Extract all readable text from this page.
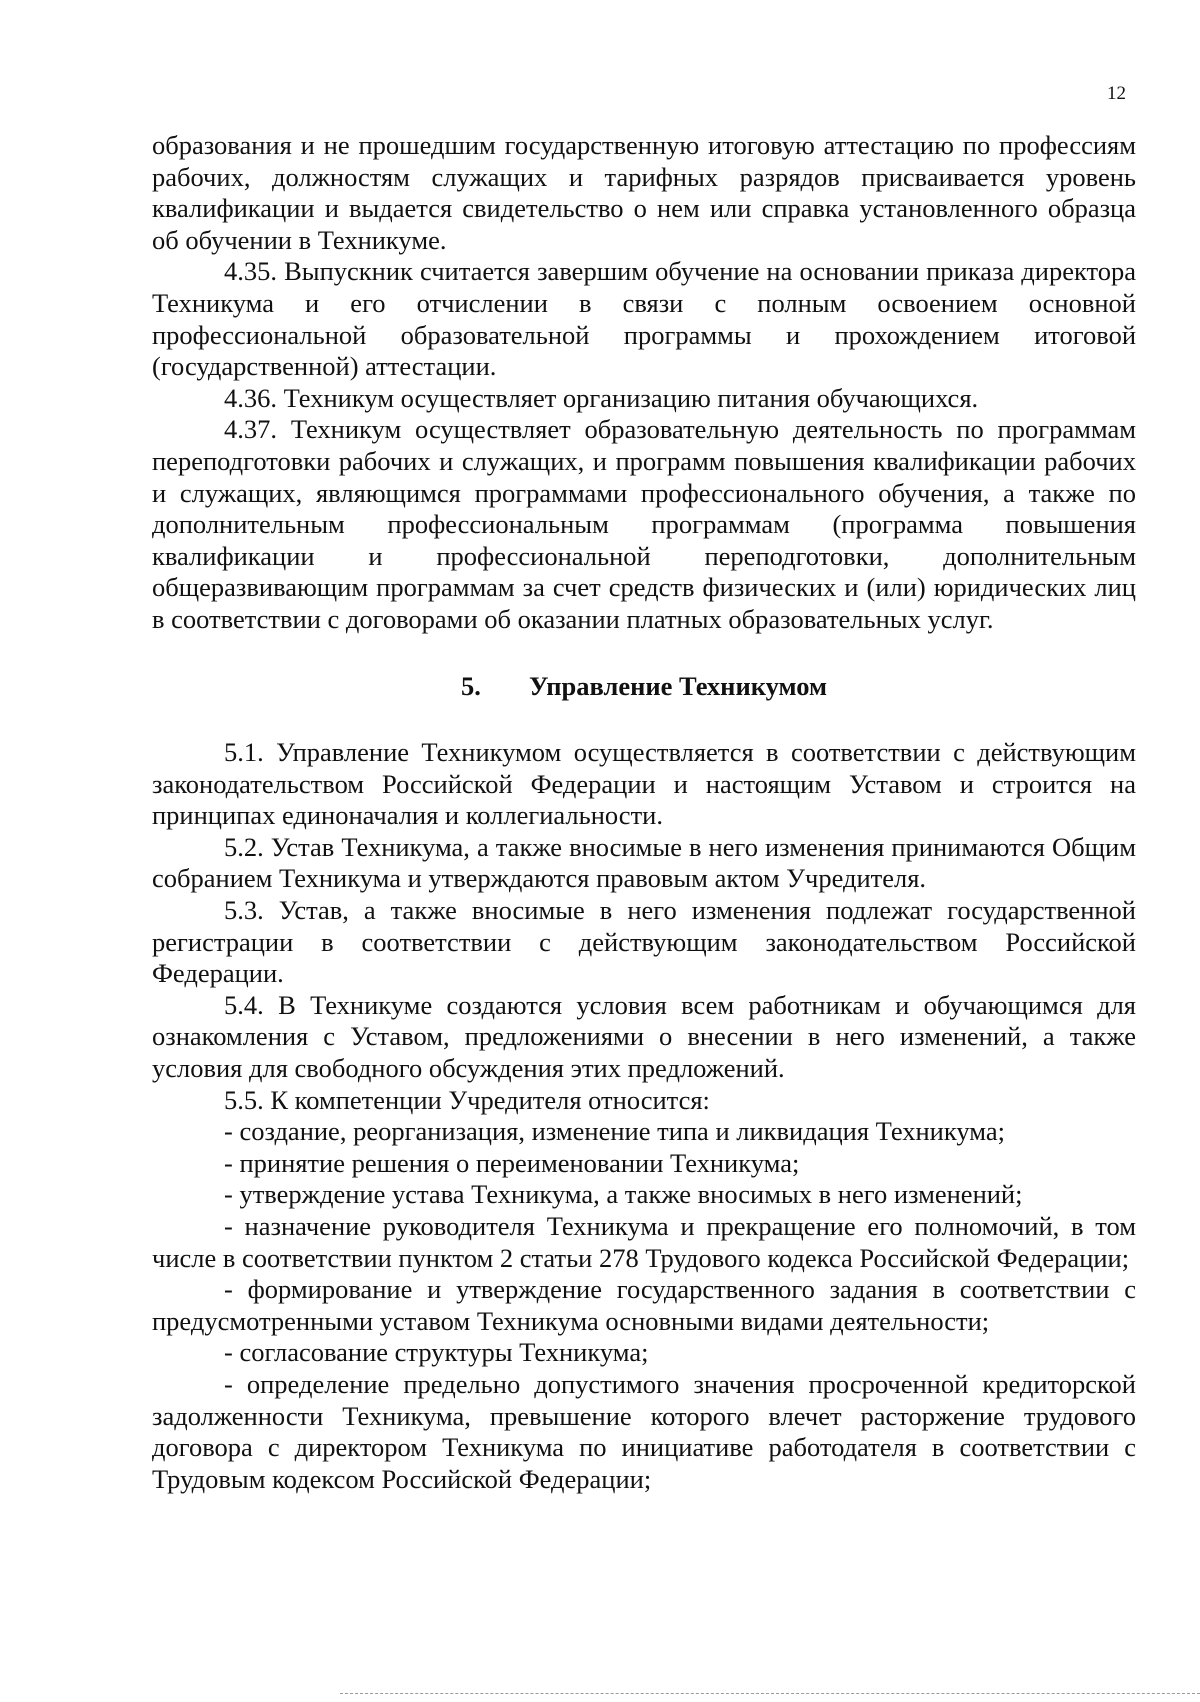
12

образования и не прошедшим государственную итоговую аттестацию по профессиям рабочих, должностям служащих и тарифных разрядов присваивается уровень квалификации и выдается свидетельство о нем или справка установленного образца об обучении в Техникуме.

4.35. Выпускник считается завершим обучение на основании приказа директора Техникума и его отчислении в связи с полным освоением основной профессиональной образовательной программы и прохождением итоговой (государственной) аттестации.

4.36. Техникум осуществляет организацию питания обучающихся.

4.37. Техникум осуществляет образовательную деятельность по программам переподготовки рабочих и служащих, и программ повышения квалификации рабочих и служащих, являющимся программами профессионального обучения, а также по дополнительным профессиональным программам (программа повышения квалификации и профессиональной переподготовки, дополнительным общеразвивающим программам за счет средств физических и (или) юридических лиц в соответствии с договорами об оказании платных образовательных услуг.

5. Управление Техникумом

5.1. Управление Техникумом осуществляется в соответствии с действующим законодательством Российской Федерации и настоящим Уставом и строится на принципах единоначалия и коллегиальности.

5.2. Устав Техникума, а также вносимые в него изменения принимаются Общим собранием Техникума и утверждаются правовым актом Учредителя.

5.3. Устав, а также вносимые в него изменения подлежат государственной регистрации в соответствии с действующим законодательством Российской Федерации.

5.4. В Техникуме создаются условия всем работникам и обучающимся для ознакомления с Уставом, предложениями о внесении в него изменений, а также условия для свободного обсуждения этих предложений.

5.5. К компетенции Учредителя относится:

- создание, реорганизация, изменение типа и ликвидация Техникума;

- принятие решения о переименовании Техникума;

- утверждение устава Техникума, а также вносимых в него изменений;

- назначение руководителя Техникума и прекращение его полномочий, в том числе в соответствии пунктом 2 статьи 278 Трудового кодекса Российской Федерации;

- формирование и утверждение государственного задания в соответствии с предусмотренными уставом Техникума основными видами деятельности;

- согласование структуры Техникума;

- определение предельно допустимого значения просроченной кредиторской задолженности Техникума, превышение которого влечет расторжение трудового договора с директором Техникума по инициативе работодателя в соответствии с Трудовым кодексом Российской Федерации;
